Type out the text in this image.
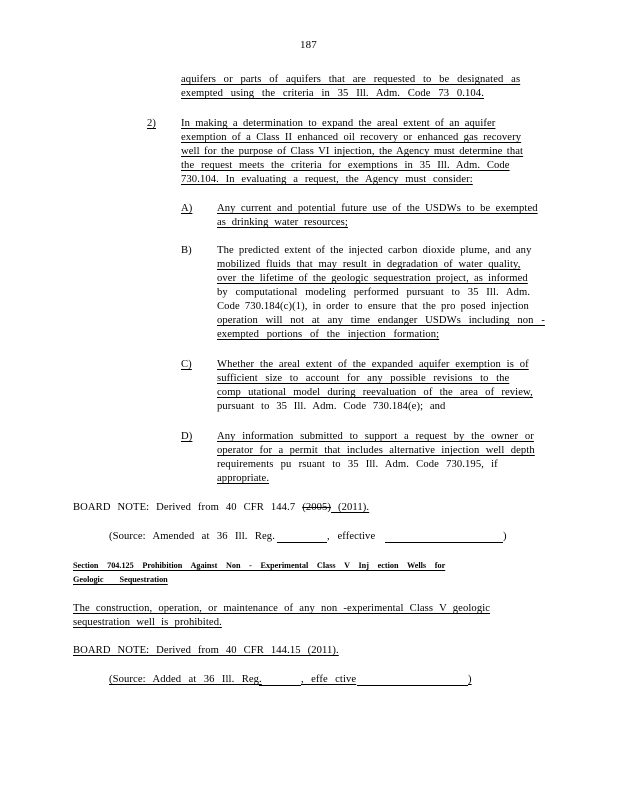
187
aquifers or parts of aquifers that are requested to be designated as
exempted using the criteria in 35 Ill. Adm. Code 73 0.104.
2) In making a determination to expand the areal extent of an aquifer
exemption of a Class II enhanced oil recovery or enhanced gas recovery
well for the purpose of Class VI injection, the Agency must determine that
the request meets the criteria for exemptions in 35 Ill. Adm. Code
730.104. In evaluating a request, the Agency must consider:
A) Any current and potential future use of the USDWs to be exempted
as drinking water resources;
B) The predicted extent of the injected carbon dioxide plume, and any
mobilized fluids that may result in degradation of water quality,
over the lifetime of the geologic sequestration project, as informed
by computational modeling performed pursuant to 35 Ill. Adm.
Code 730.184(c)(1), in order to ensure that the pro posed injection
operation will not at any time endanger USDWs including non -
exempted portions of the injection formation;
C) Whether the areal extent of the expanded aquifer exemption is of
sufficient size to account for any possible revisions to the
comp utational model during reevaluation of the area of review,
pursuant to 35 Ill. Adm. Code 730.184(e); and
D) Any information submitted to support a request by the owner or
operator for a permit that includes alternative injection well depth
requirements pu rsuant to 35 Ill. Adm. Code 730.195, if
appropriate.
BOARD NOTE: Derived from 40 CFR 144.7 (2005) (2011).
(Source: Amended at 36 Ill. Reg.	, effective	)
Section 704.125 Prohibition Against Non - Experimental Class V Inj ection Wells for
Geologic Sequestration
The construction, operation, or maintenance of any non -experimental Class V geologic
sequestration well is prohibited.
BOARD NOTE: Derived from 40 CFR 144.15 (2011).
(Source: Added at 36 Ill. Reg.	, effe ctive	)
